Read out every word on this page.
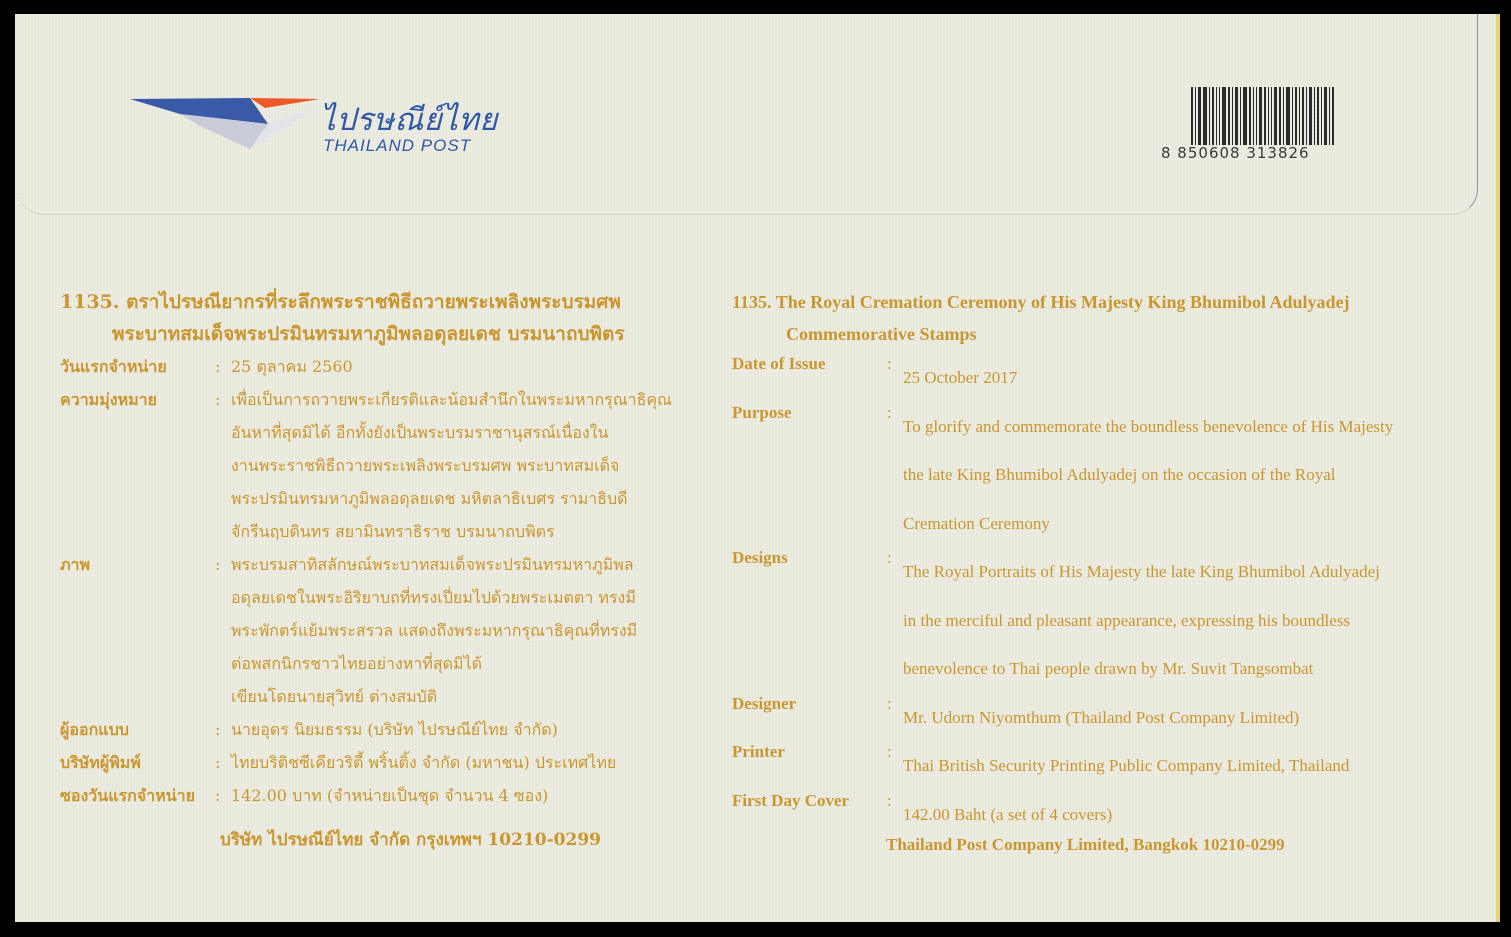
ไปรษณีย์ไทย
THAILAND POST	8 850608 313826
1135. ตราไปรษณียากรที่ระลึกพระราชพิธีถวายพระเพลิงพระบรมศพ
พระบาทสมเด็จพระปรมินทรมหาภูมิพลอดุลยเดช บรมนาถบพิตร
วันแรกจำหน่าย	: 25 ตุลาคม 2560
ความมุ่งหมาย	: เพื่อเป็นการถวายพระเกียรติและน้อมสำนึกในพระมหากรุณาธิคุณ
อันหาที่สุดมิได้ อีกทั้งยังเป็นพระบรมราชานุสรณ์เนื่องใน
งานพระราชพิธีถวายพระเพลิงพระบรมศพ พระบาทสมเด็จ
พระปรมินทรมหาภูมิพลอดุลยเดช มหิตลาธิเบศร รามาธิบดี
จักรีนฤบดินทร สยามินทราธิราช บรมนาถบพิตร
ภาพ	: พระบรมสาทิสลักษณ์พระบาทสมเด็จพระปรมินทรมหาภูมิพล
อดุลยเดชในพระอิริยาบถที่ทรงเปี่ยมไปด้วยพระเมตตา ทรงมี
พระพักตร์แย้มพระสรวล แสดงถึงพระมหากรุณาธิคุณที่ทรงมี
ต่อพสกนิกรชาวไทยอย่างหาที่สุดมิได้
เขียนโดยนายสุวิทย์ ต่างสมบัติ
ผู้ออกแบบ	: นายอุดร นิยมธรรม (บริษัท ไปรษณีย์ไทย จำกัด)
บริษัทผู้พิมพ์	: ไทยบริติชซีเคียวริตี้ พริ้นติ้ง จำกัด (มหาชน) ประเทศไทย
ซองวันแรกจำหน่าย	: 142.00 บาท (จำหน่ายเป็นชุด จำนวน 4 ซอง)
บริษัท ไปรษณีย์ไทย จำกัด กรุงเทพฯ 10210-0299
1135. The Royal Cremation Ceremony of His Majesty King Bhumibol Adulyadej
Commemorative Stamps
Date of Issue	:
25 October 2017
Purpose	:
To glorify and commemorate the boundless benevolence of His Majesty
the late King Bhumibol Adulyadej on the occasion of the Royal
Cremation Ceremony
Designs	:
The Royal Portraits of His Majesty the late King Bhumibol Adulyadej
in the merciful and pleasant appearance, expressing his boundless
benevolence to Thai people drawn by Mr. Suvit Tangsombat
Designer	:
Mr. Udorn Niyomthum (Thailand Post Company Limited)
Printer	:
Thai British Security Printing Public Company Limited, Thailand
First Day Cover	:
142.00 Baht (a set of 4 covers)
Thailand Post Company Limited, Bangkok 10210-0299
